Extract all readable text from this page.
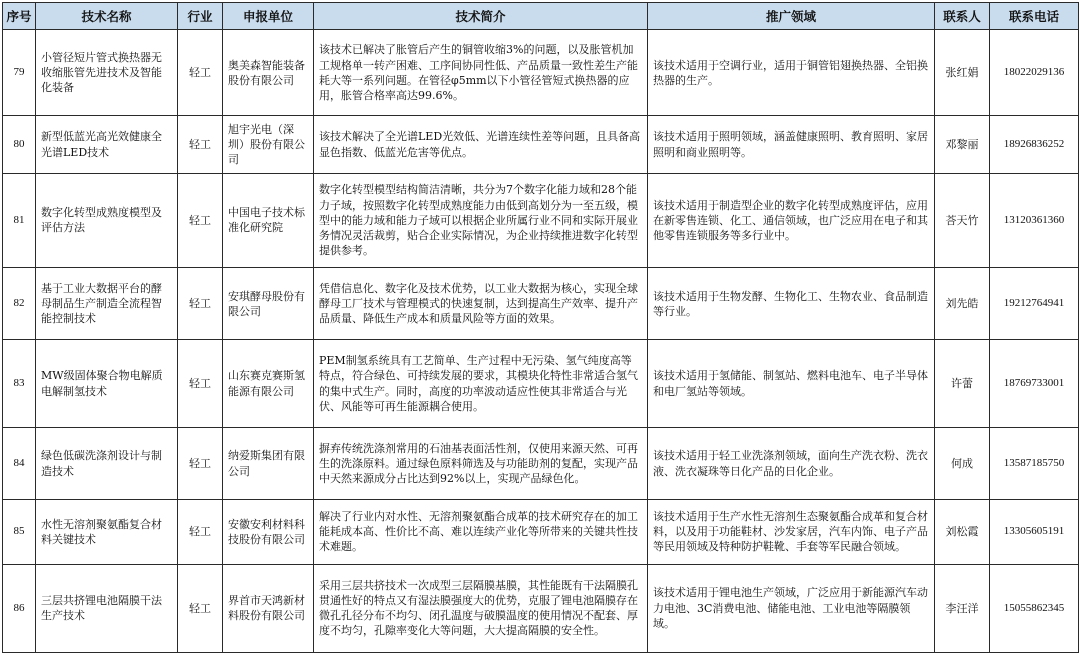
序号	技术名称	行业	申报单位	技术简介	推广领域	联系人	联系电话
79	小管径短片管式换热器无收缩胀管先进技术及智能化装备	轻工	奥美森智能装备股份有限公司	该技术已解决了胀管后产生的铜管收缩3%的问题，以及胀管机加工规格单一转产困难、工序间协同性低、产品质量一致性差生产能耗大等一系列问题。在管径φ5mm以下小管径管短式换热器的应用，胀管合格率高达99.6%。	该技术适用于空调行业，适用于铜管铝翅换热器、全铝换热器的生产。	张红娟	18022029136
80	新型低蓝光高光效健康全光谱LED技术	轻工	旭宇光电（深圳）股份有限公司	该技术解决了全光谱LED光效低、光谱连续性差等问题，且具备高显色指数、低蓝光危害等优点。	该技术适用于照明领域，涵盖健康照明、教育照明、家居照明和商业照明等。	邓黎丽	18926836252
81	数字化转型成熟度模型及评估方法	轻工	中国电子技术标准化研究院	数字化转型模型结构简洁清晰，共分为7个数字化能力域和28个能力子域，按照数字化转型成熟度能力由低到高划分为一至五级，模型中的能力域和能力子域可以根据企业所属行业不同和实际开展业务情况灵活裁剪，贴合企业实际情况，为企业持续推进数字化转型提供参考。	该技术适用于制造型企业的数字化转型成熟度评估，应用在新零售连锁、化工、通信领域，也广泛应用在电子和其他零售连锁服务等多行业中。	荅天竹	13120361360
82	基于工业大数据平台的酵母制品生产制造全流程智能控制技术	轻工	安琪酵母股份有限公司	凭借信息化、数字化及技术优势，以工业大数据为核心，实现全球酵母工厂技术与管理模式的快速复制，达到提高生产效率、提升产品质量、降低生产成本和质量风险等方面的效果。	该技术适用于生物发酵、生物化工、生物农业、食品制造等行业。	刘先皓	19212764941
83	MW级固体聚合物电解质电解制氢技术	轻工	山东赛克赛斯氢能源有限公司	PEM制氢系统具有工艺简单、生产过程中无污染、氢气纯度高等特点，符合绿色、可持续发展的要求，其模块化特性非常适合氢气的集中式生产。同时，高度的功率波动适应性使其非常适合与光伏、风能等可再生能源耦合使用。	该技术适用于氢储能、制氢站、燃料电池车、电子半导体和电厂氢站等领域。	许蕾	18769733001
84	绿色低碳洗涤剂设计与制造技术	轻工	纳爱斯集团有限公司	摒弃传统洗涤剂常用的石油基表面活性剂，仅使用来源天然、可再生的洗涤原料。通过绿色原料筛选及与功能助剂的复配，实现产品中天然来源成分占比达到92%以上，实现产品绿色化。	该技术适用于轻工业洗涤剂领域，面向生产洗衣粉、洗衣液、洗衣凝珠等日化产品的日化企业。	何成	13587185750
85	水性无溶剂聚氨酯复合材料关键技术	轻工	安徽安利材料科技股份有限公司	解决了行业内对水性、无溶剂聚氨酯合成革的技术研究存在的加工能耗成本高、性价比不高、难以连续产业化等所带来的关键共性技术难题。	该技术适用于生产水性无溶剂生态聚氨酯合成革和复合材料，以及用于功能鞋材、沙发家居，汽车内饰、电子产品等民用领域及特种防护鞋靴、手套等军民融合领域。	刘松霞	13305605191
86	三层共挤锂电池隔膜干法生产技术	轻工	界首市天鸿新材料股份有限公司	采用三层共挤技术一次成型三层隔膜基膜，其性能既有干法隔膜孔贯通性好的特点又有湿法膜强度大的优势，克服了锂电池隔膜存在微孔孔径分布不均匀、闭孔温度与破膜温度的使用情况不配套、厚度不均匀，孔隙率变化大等问题，大大提高隔膜的安全性。	该技术适用于锂电池生产领域，广泛应用于新能源汽车动力电池、3C消费电池、储能电池、工业电池等隔膜领域。	李汪洋	15055862345
